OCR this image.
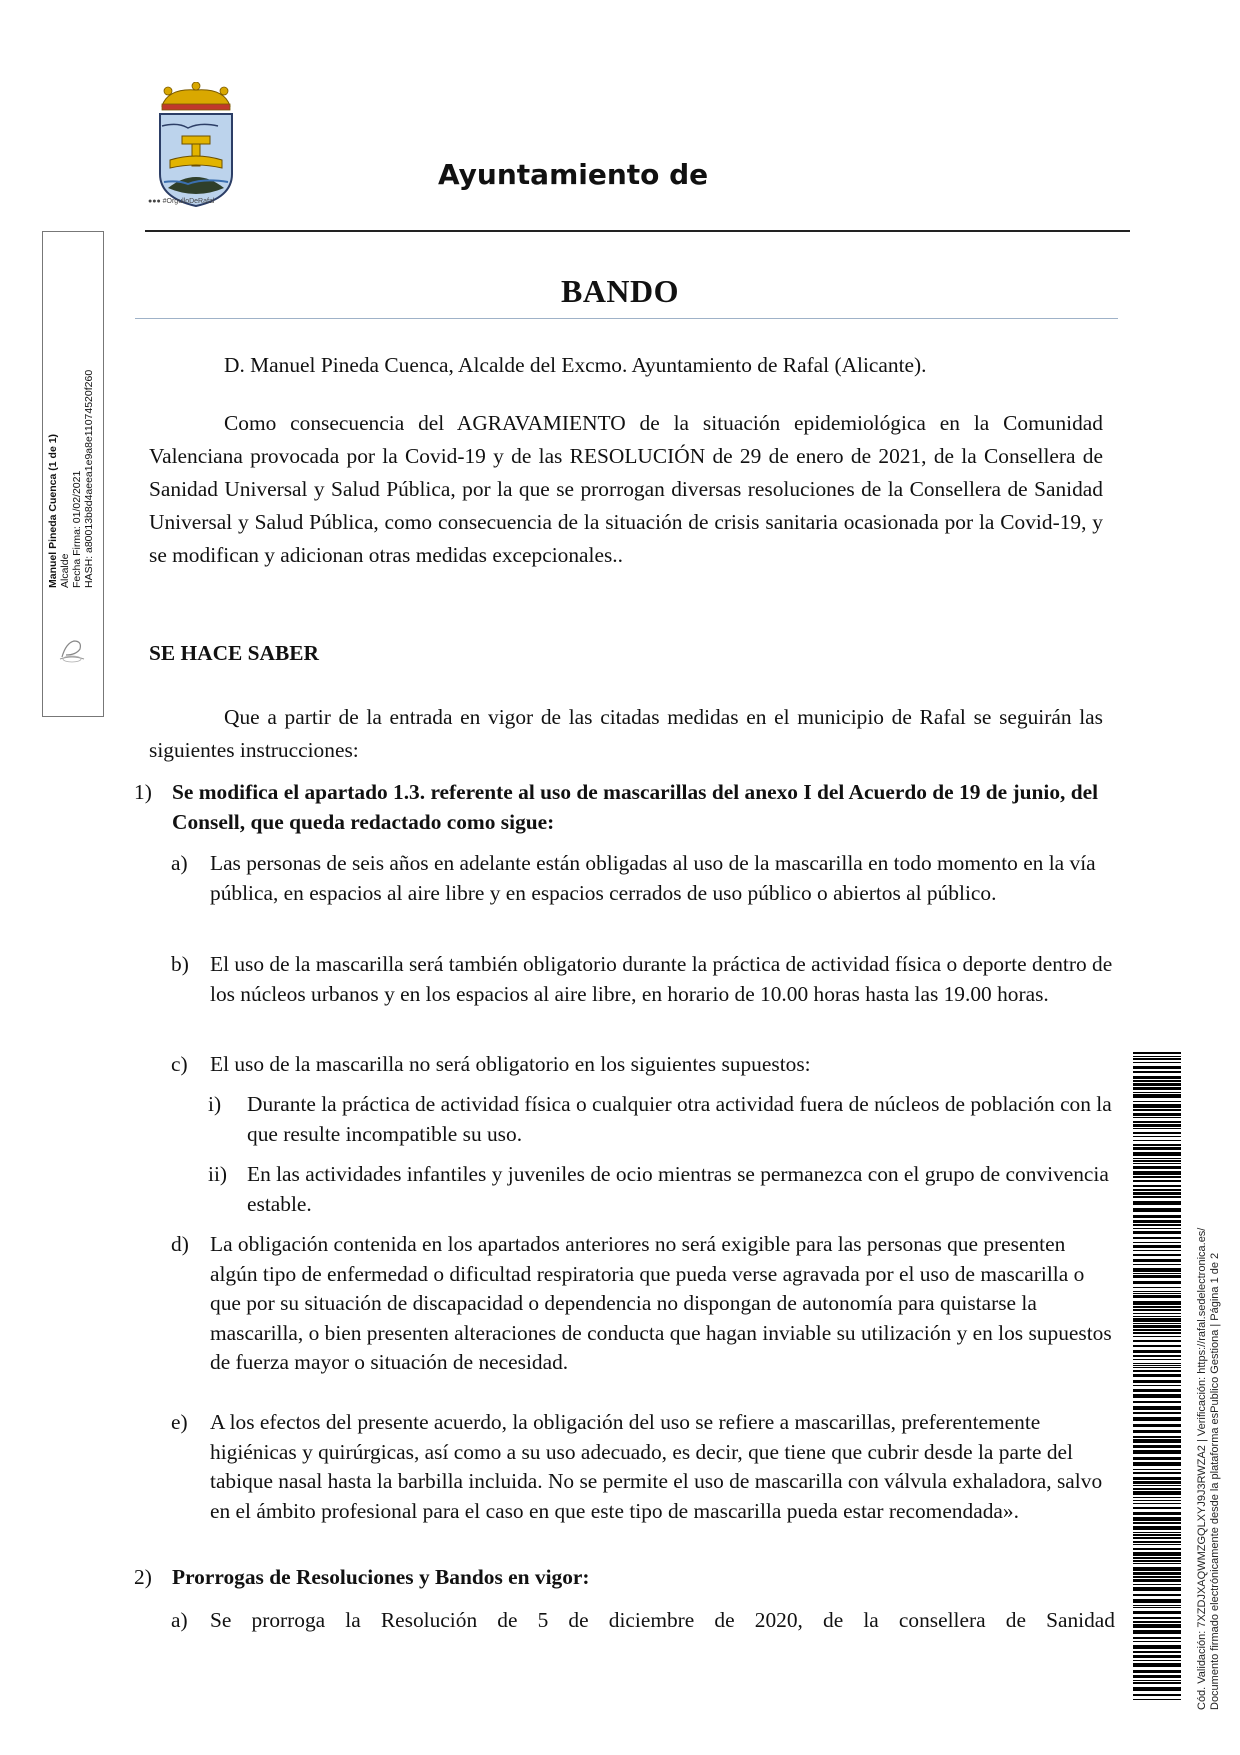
●●● #OrgulloDeRafal
Ayuntamiento de
BANDO
Manuel Pineda Cuenca (1 de 1) Alcalde Fecha Firma: 01/02/2021 HASH: a80013b8d4aeea1e9a8e11074520f260
Cód. Validación: 7XZDJXAQWMZGQLXYJ9J3RWZA2 | Verificación: https://rafal.sedelectronica.es/ Documento firmado electrónicamente desde la plataforma esPublico Gestiona | Página 1 de 2

D. Manuel Pineda Cuenca, Alcalde del Excmo. Ayuntamiento de Rafal (Alicante).

Como consecuencia del AGRAVAMIENTO de la situación epidemiológica en la Comunidad Valenciana provocada por la Covid-19 y de las RESOLUCIÓN de 29 de enero de 2021, de la Consellera de Sanidad Universal y Salud Pública, por la que se prorrogan diversas resoluciones de la Consellera de Sanidad Universal y Salud Pública, como consecuencia de la situación de crisis sanitaria ocasionada por la Covid-19, y se modifican y adicionan otras medidas excepcionales..

SE HACE SABER

Que a partir de la entrada en vigor de las citadas medidas en el municipio de Rafal se seguirán las siguientes instrucciones:

1) Se modifica el apartado 1.3. referente al uso de mascarillas del anexo I del Acuerdo de 19 de junio, del Consell, que queda redactado como sigue:
a) Las personas de seis años en adelante están obligadas al uso de la mascarilla en todo momento en la vía pública, en espacios al aire libre y en espacios cerrados de uso público o abiertos al público.
b) El uso de la mascarilla será también obligatorio durante la práctica de actividad física o deporte dentro de los núcleos urbanos y en los espacios al aire libre, en horario de 10.00 horas hasta las 19.00 horas.
c) El uso de la mascarilla no será obligatorio en los siguientes supuestos:
i) Durante la práctica de actividad física o cualquier otra actividad fuera de núcleos de población con la que resulte incompatible su uso.
ii) En las actividades infantiles y juveniles de ocio mientras se permanezca con el grupo de convivencia estable.
d) La obligación contenida en los apartados anteriores no será exigible para las personas que presenten algún tipo de enfermedad o dificultad respiratoria que pueda verse agravada por el uso de mascarilla o que por su situación de discapacidad o dependencia no dispongan de autonomía para quistarse la mascarilla, o bien presenten alteraciones de conducta que hagan inviable su utilización y en los supuestos de fuerza mayor o situación de necesidad.
e) A los efectos del presente acuerdo, la obligación del uso se refiere a mascarillas, preferentemente higiénicas y quirúrgicas, así como a su uso adecuado, es decir, que tiene que cubrir desde la parte del tabique nasal hasta la barbilla incluida. No se permite el uso de mascarilla con válvula exhaladora, salvo en el ámbito profesional para el caso en que este tipo de mascarilla pueda estar recomendada».
2) Prorrogas de Resoluciones y Bandos en vigor:
a) Se prorroga la Resolución de 5 de diciembre de 2020, de la consellera de Sanidad
